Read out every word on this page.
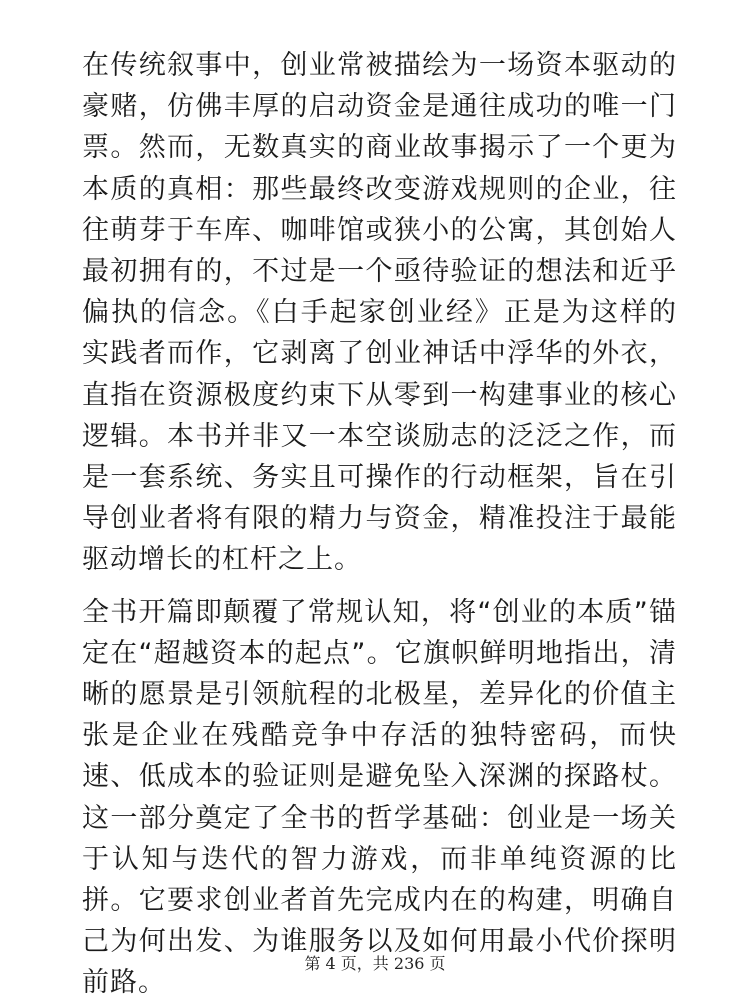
在传统叙事中，创业常被描绘为一场资本驱动的豪赌，仿佛丰厚的启动资金是通往成功的唯一门票。然而，无数真实的商业故事揭示了一个更为本质的真相：那些最终改变游戏规则的企业，往往萌芽于车库、咖啡馆或狭小的公寓，其创始人最初拥有的，不过是一个亟待验证的想法和近乎偏执的信念。《白手起家创业经》正是为这样的实践者而作，它剥离了创业神话中浮华的外衣，直指在资源极度约束下从零到一构建事业的核心逻辑。本书并非又一本空谈励志的泛泛之作，而是一套系统、务实且可操作的行动框架，旨在引导创业者将有限的精力与资金，精准投注于最能驱动增长的杠杆之上。

全书开篇即颠覆了常规认知，将“创业的本质”锚定在“超越资本的起点”。它旗帜鲜明地指出，清晰的愿景是引领航程的北极星，差异化的价值主张是企业在残酷竞争中存活的独特密码，而快速、低成本的验证则是避免坠入深渊的探路杖。这一部分奠定了全书的哲学基础：创业是一场关于认知与迭代的智力游戏，而非单纯资源的比拼。它要求创业者首先完成内在的构建，明确自己为何出发、为谁服务以及如何用最小代价探明前路。

第 4 页，共 236 页
